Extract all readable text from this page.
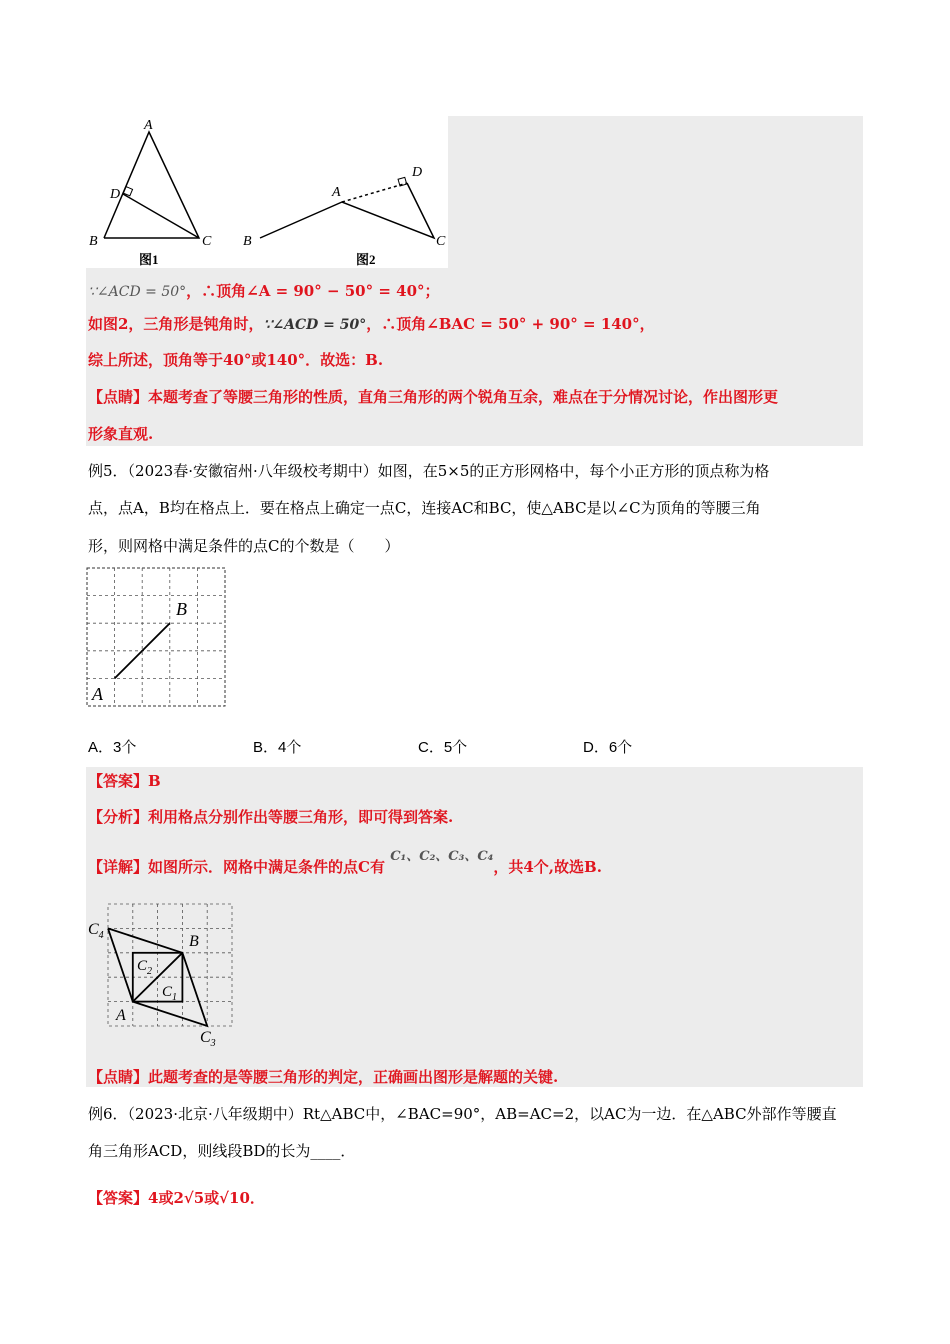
A
D
B	C
图1
A
D
B	C
图2
∵∠ACD = 50°，∴顶角∠A = 90° − 50° = 40°；
如图2，三角形是钝角时，∵∠ACD = 50°，∴顶角∠BAC = 50° + 90° = 140°，
综上所述，顶角等于40°或140°．故选：B.
【点睛】本题考查了等腰三角形的性质，直角三角形的两个锐角互余，难点在于分情况讨论，作出图形更
形象直观.
例5．（2023春·安徽宿州·八年级校考期中）如图，在5×5的正方形网格中，每个小正方形的顶点称为格
点，点A，B均在格点上．要在格点上确定一点C，连接AC和BC，使△ABC是以∠C为顶角的等腰三角
形，则网格中满足条件的点C的个数是（　　）
A
B
A．3个	B．4个	C．5个	D．6个
【答案】B
【分析】利用格点分别作出等腰三角形，即可得到答案.
【详解】如图所示．网格中满足条件的点C有 C₁、C₂、C₃、C₄，共4个,故选B.
$C_4$	B
$C_2$
$C_1$
A
$C_3$
【点睛】此题考查的是等腰三角形的判定，正确画出图形是解题的关键.
例6．（2023·北京·八年级期中）Rt△ABC中，∠BAC=90°，AB=AC=2，以AC为一边．在△ABC外部作等腰直
角三角形ACD，则线段BD的长为____．
【答案】4或2√5或√10．
